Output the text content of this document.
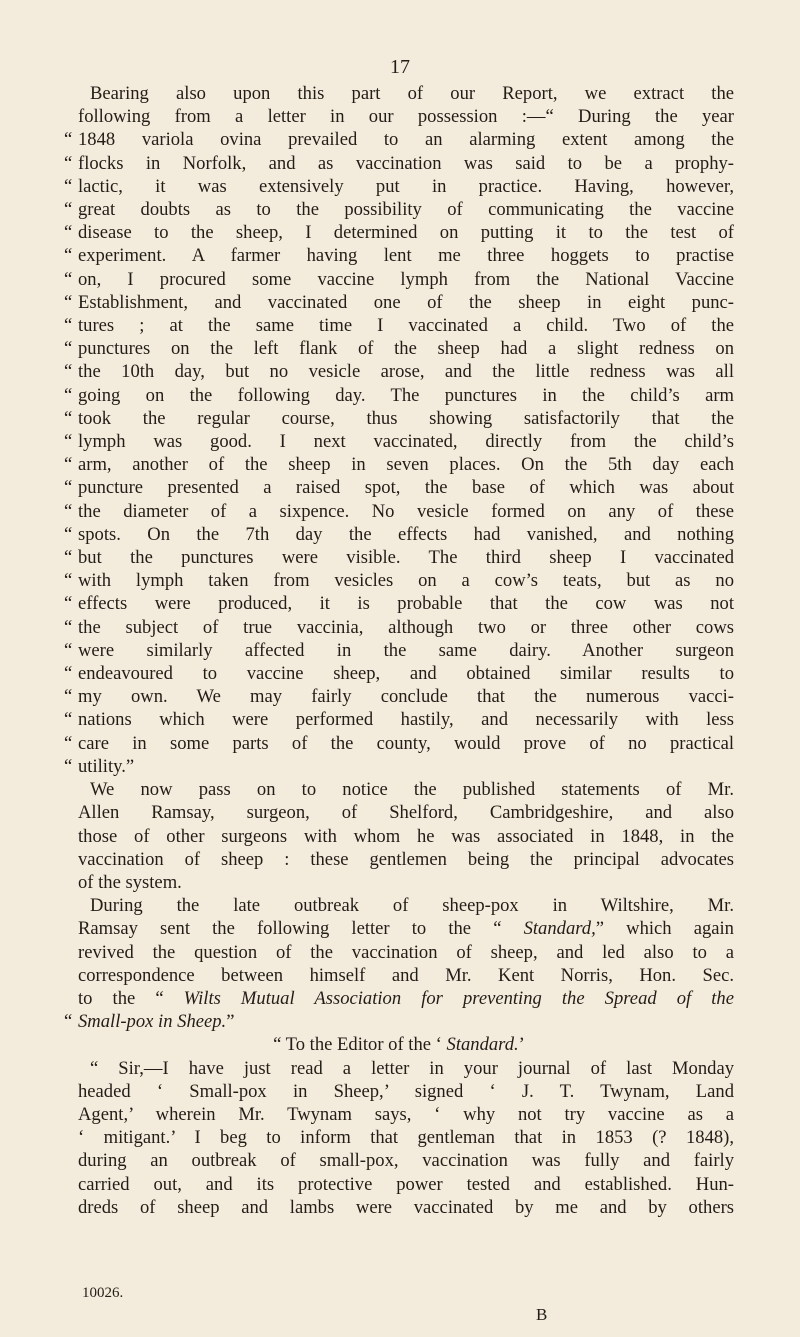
17
Bearing also upon this part of our Report, we extract the
following from a letter in our possession :—“ During the year
“ 1848 variola ovina prevailed to an alarming extent among the
“ flocks in Norfolk, and as vaccination was said to be a prophy-
“ lactic, it was extensively put in practice. Having, however,
“ great doubts as to the possibility of communicating the vaccine
“ disease to the sheep, I determined on putting it to the test of
“ experiment. A farmer having lent me three hoggets to practise
“ on, I procured some vaccine lymph from the National Vaccine
“ Establishment, and vaccinated one of the sheep in eight punc-
“ tures ; at the same time I vaccinated a child. Two of the
“ punctures on the left flank of the sheep had a slight redness on
“ the 10th day, but no vesicle arose, and the little redness was all
“ going on the following day. The punctures in the child’s arm
“ took the regular course, thus showing satisfactorily that the
“ lymph was good. I next vaccinated, directly from the child’s
“ arm, another of the sheep in seven places. On the 5th day each
“ puncture presented a raised spot, the base of which was about
“ the diameter of a sixpence. No vesicle formed on any of these
“ spots. On the 7th day the effects had vanished, and nothing
“ but the punctures were visible. The third sheep I vaccinated
“ with lymph taken from vesicles on a cow’s teats, but as no
“ effects were produced, it is probable that the cow was not
“ the subject of true vaccinia, although two or three other cows
“ were similarly affected in the same dairy. Another surgeon
“ endeavoured to vaccine sheep, and obtained similar results to
“ my own. We may fairly conclude that the numerous vacci-
“ nations which were performed hastily, and necessarily with less
“ care in some parts of the county, would prove of no practical
“ utility.”
We now pass on to notice the published statements of Mr.
Allen Ramsay, surgeon, of Shelford, Cambridgeshire, and also
those of other surgeons with whom he was associated in 1848, in the
vaccination of sheep : these gentlemen being the principal advocates
of the system.
During the late outbreak of sheep-pox in Wiltshire, Mr.
Ramsay sent the following letter to the “ Standard,” which again
revived the question of the vaccination of sheep, and led also to a
correspondence between himself and Mr. Kent Norris, Hon. Sec.
to the “ Wilts Mutual Association for preventing the Spread of the
“ Small-pox in Sheep.”
“ To the Editor of the ‘ Standard.’
“ Sir,—I have just read a letter in your journal of last Monday
headed ‘ Small-pox in Sheep,’ signed ‘ J. T. Twynam, Land
Agent,’ wherein Mr. Twynam says, ‘ why not try vaccine as a
‘ mitigant.’ I beg to inform that gentleman that in 1853 (? 1848),
during an outbreak of small-pox, vaccination was fully and fairly
carried out, and its protective power tested and established. Hun-
dreds of sheep and lambs were vaccinated by me and by others
10026.
B
